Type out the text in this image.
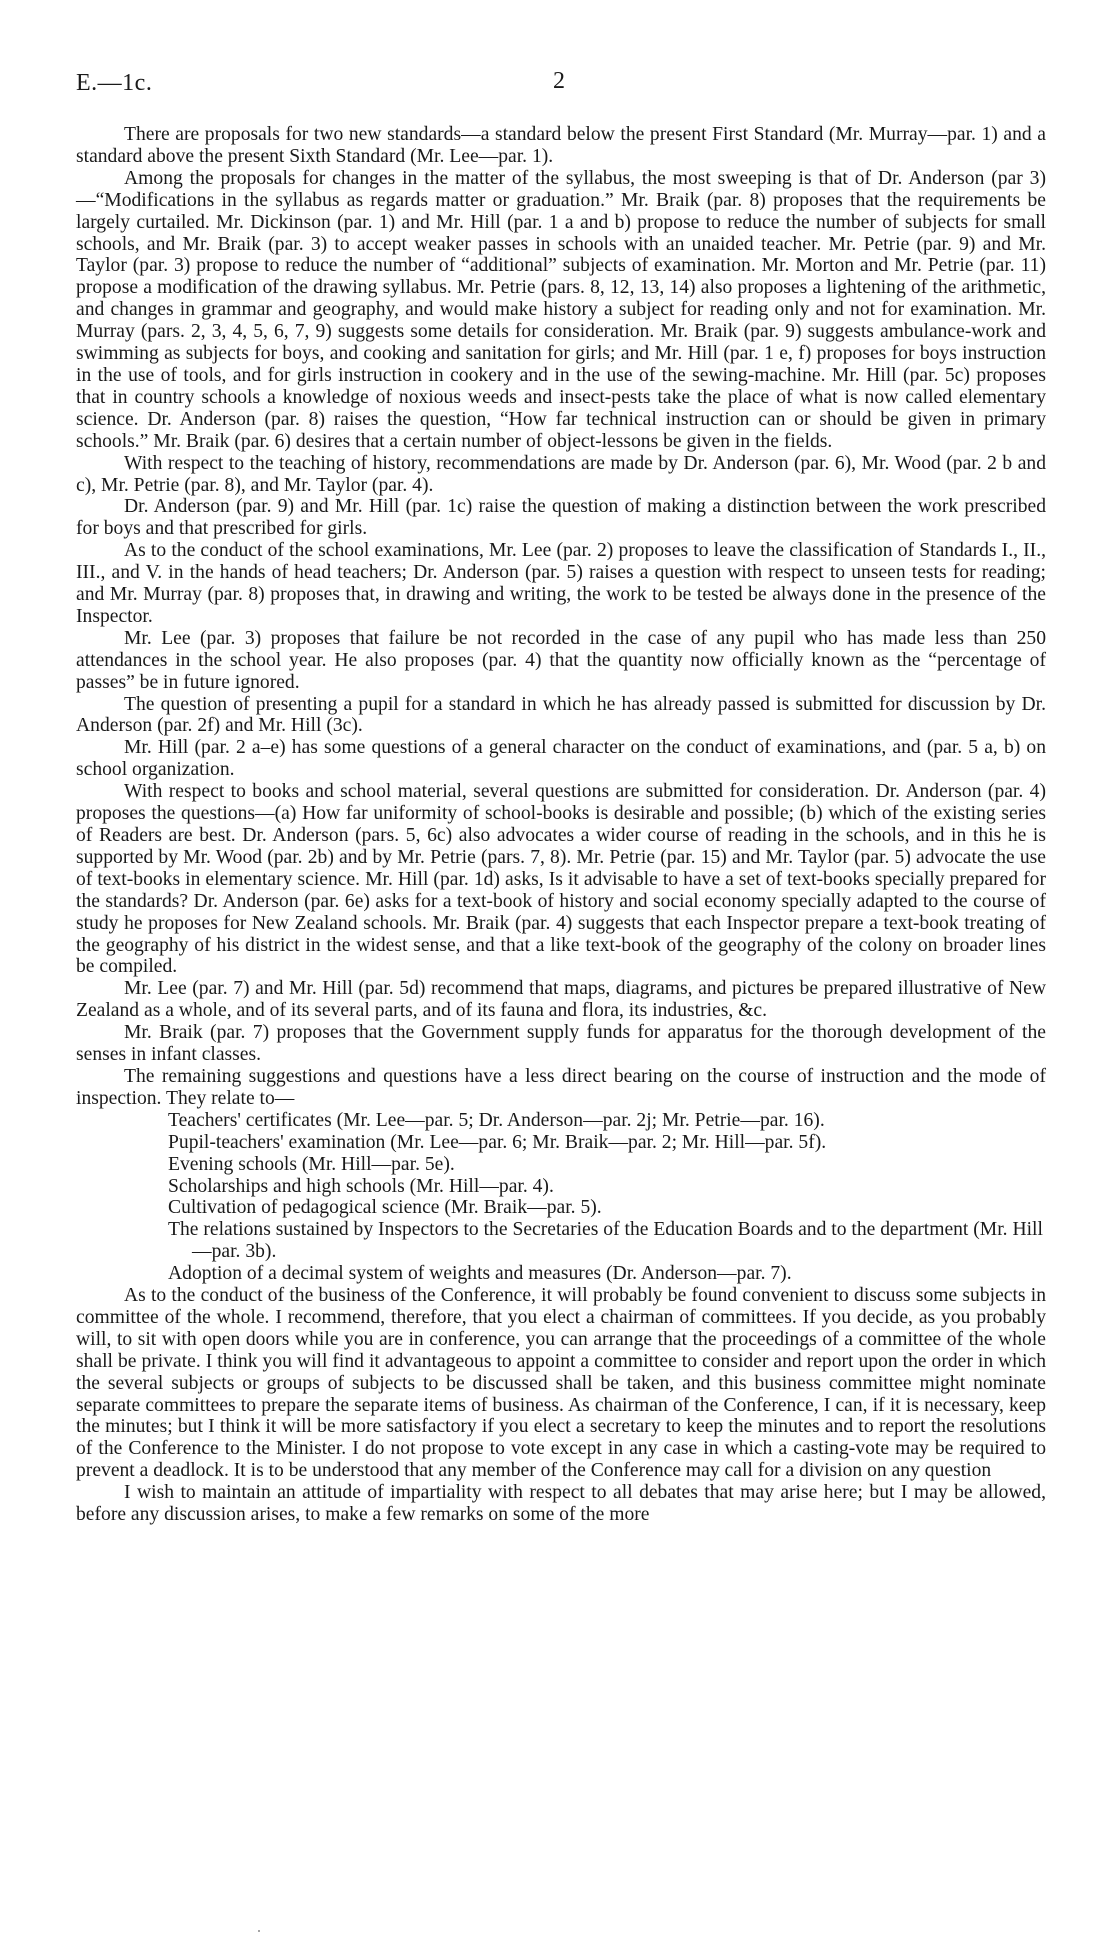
E.—1c.	2

There are proposals for two new standards—a standard below the present First Standard (Mr. Murray—par. 1) and a standard above the present Sixth Standard (Mr. Lee—par. 1).

Among the proposals for changes in the matter of the syllabus, the most sweeping is that of Dr. Anderson (par 3)—“Modifications in the syllabus as regards matter or graduation.” Mr. Braik (par. 8) proposes that the requirements be largely curtailed. Mr. Dickinson (par. 1) and Mr. Hill (par. 1 a and b) propose to reduce the number of subjects for small schools, and Mr. Braik (par. 3) to accept weaker passes in schools with an unaided teacher. Mr. Petrie (par. 9) and Mr. Taylor (par. 3) propose to reduce the number of “additional” subjects of examination. Mr. Morton and Mr. Petrie (par. 11) propose a modification of the drawing syllabus. Mr. Petrie (pars. 8, 12, 13, 14) also proposes a lightening of the arithmetic, and changes in grammar and geography, and would make history a subject for reading only and not for examination. Mr. Murray (pars. 2, 3, 4, 5, 6, 7, 9) suggests some details for consideration. Mr. Braik (par. 9) suggests ambulance-work and swimming as subjects for boys, and cooking and sanitation for girls; and Mr. Hill (par. 1 e, f) proposes for boys instruction in the use of tools, and for girls instruction in cookery and in the use of the sewing-machine. Mr. Hill (par. 5c) proposes that in country schools a knowledge of noxious weeds and insect-pests take the place of what is now called elementary science. Dr. Anderson (par. 8) raises the question, “How far technical instruction can or should be given in primary schools.” Mr. Braik (par. 6) desires that a certain number of object-lessons be given in the fields.

With respect to the teaching of history, recommendations are made by Dr. Anderson (par. 6), Mr. Wood (par. 2 b and c), Mr. Petrie (par. 8), and Mr. Taylor (par. 4).

Dr. Anderson (par. 9) and Mr. Hill (par. 1c) raise the question of making a distinction between the work prescribed for boys and that prescribed for girls.

As to the conduct of the school examinations, Mr. Lee (par. 2) proposes to leave the classification of Standards I., II., III., and V. in the hands of head teachers; Dr. Anderson (par. 5) raises a question with respect to unseen tests for reading; and Mr. Murray (par. 8) proposes that, in drawing and writing, the work to be tested be always done in the presence of the Inspector.

Mr. Lee (par. 3) proposes that failure be not recorded in the case of any pupil who has made less than 250 attendances in the school year. He also proposes (par. 4) that the quantity now officially known as the “percentage of passes” be in future ignored.

The question of presenting a pupil for a standard in which he has already passed is submitted for discussion by Dr. Anderson (par. 2f) and Mr. Hill (3c).

Mr. Hill (par. 2 a–e) has some questions of a general character on the conduct of examinations, and (par. 5 a, b) on school organization.

With respect to books and school material, several questions are submitted for consideration. Dr. Anderson (par. 4) proposes the questions—(a) How far uniformity of school-books is desirable and possible; (b) which of the existing series of Readers are best. Dr. Anderson (pars. 5, 6c) also advocates a wider course of reading in the schools, and in this he is supported by Mr. Wood (par. 2b) and by Mr. Petrie (pars. 7, 8). Mr. Petrie (par. 15) and Mr. Taylor (par. 5) advocate the use of text-books in elementary science. Mr. Hill (par. 1d) asks, Is it advisable to have a set of text-books specially prepared for the standards? Dr. Anderson (par. 6e) asks for a text-book of history and social economy specially adapted to the course of study he proposes for New Zealand schools. Mr. Braik (par. 4) suggests that each Inspector prepare a text-book treating of the geography of his district in the widest sense, and that a like text-book of the geography of the colony on broader lines be compiled.

Mr. Lee (par. 7) and Mr. Hill (par. 5d) recommend that maps, diagrams, and pictures be prepared illustrative of New Zealand as a whole, and of its several parts, and of its fauna and flora, its industries, &c.

Mr. Braik (par. 7) proposes that the Government supply funds for apparatus for the thorough development of the senses in infant classes.

The remaining suggestions and questions have a less direct bearing on the course of instruction and the mode of inspection. They relate to—

Teachers' certificates (Mr. Lee—par. 5; Dr. Anderson—par. 2j; Mr. Petrie—par. 16).
Pupil-teachers' examination (Mr. Lee—par. 6; Mr. Braik—par. 2; Mr. Hill—par. 5f).
Evening schools (Mr. Hill—par. 5e).
Scholarships and high schools (Mr. Hill—par. 4).
Cultivation of pedagogical science (Mr. Braik—par. 5).
The relations sustained by Inspectors to the Secretaries of the Education Boards and to the department (Mr. Hill—par. 3b).
Adoption of a decimal system of weights and measures (Dr. Anderson—par. 7).

As to the conduct of the business of the Conference, it will probably be found convenient to discuss some subjects in committee of the whole. I recommend, therefore, that you elect a chairman of committees. If you decide, as you probably will, to sit with open doors while you are in conference, you can arrange that the proceedings of a committee of the whole shall be private. I think you will find it advantageous to appoint a committee to consider and report upon the order in which the several subjects or groups of subjects to be discussed shall be taken, and this business committee might nominate separate committees to prepare the separate items of business. As chairman of the Conference, I can, if it is necessary, keep the minutes; but I think it will be more satisfactory if you elect a secretary to keep the minutes and to report the resolutions of the Conference to the Minister. I do not propose to vote except in any case in which a casting-vote may be required to prevent a deadlock. It is to be understood that any member of the Conference may call for a division on any question

I wish to maintain an attitude of impartiality with respect to all debates that may arise here; but I may be allowed, before any discussion arises, to make a few remarks on some of the more
